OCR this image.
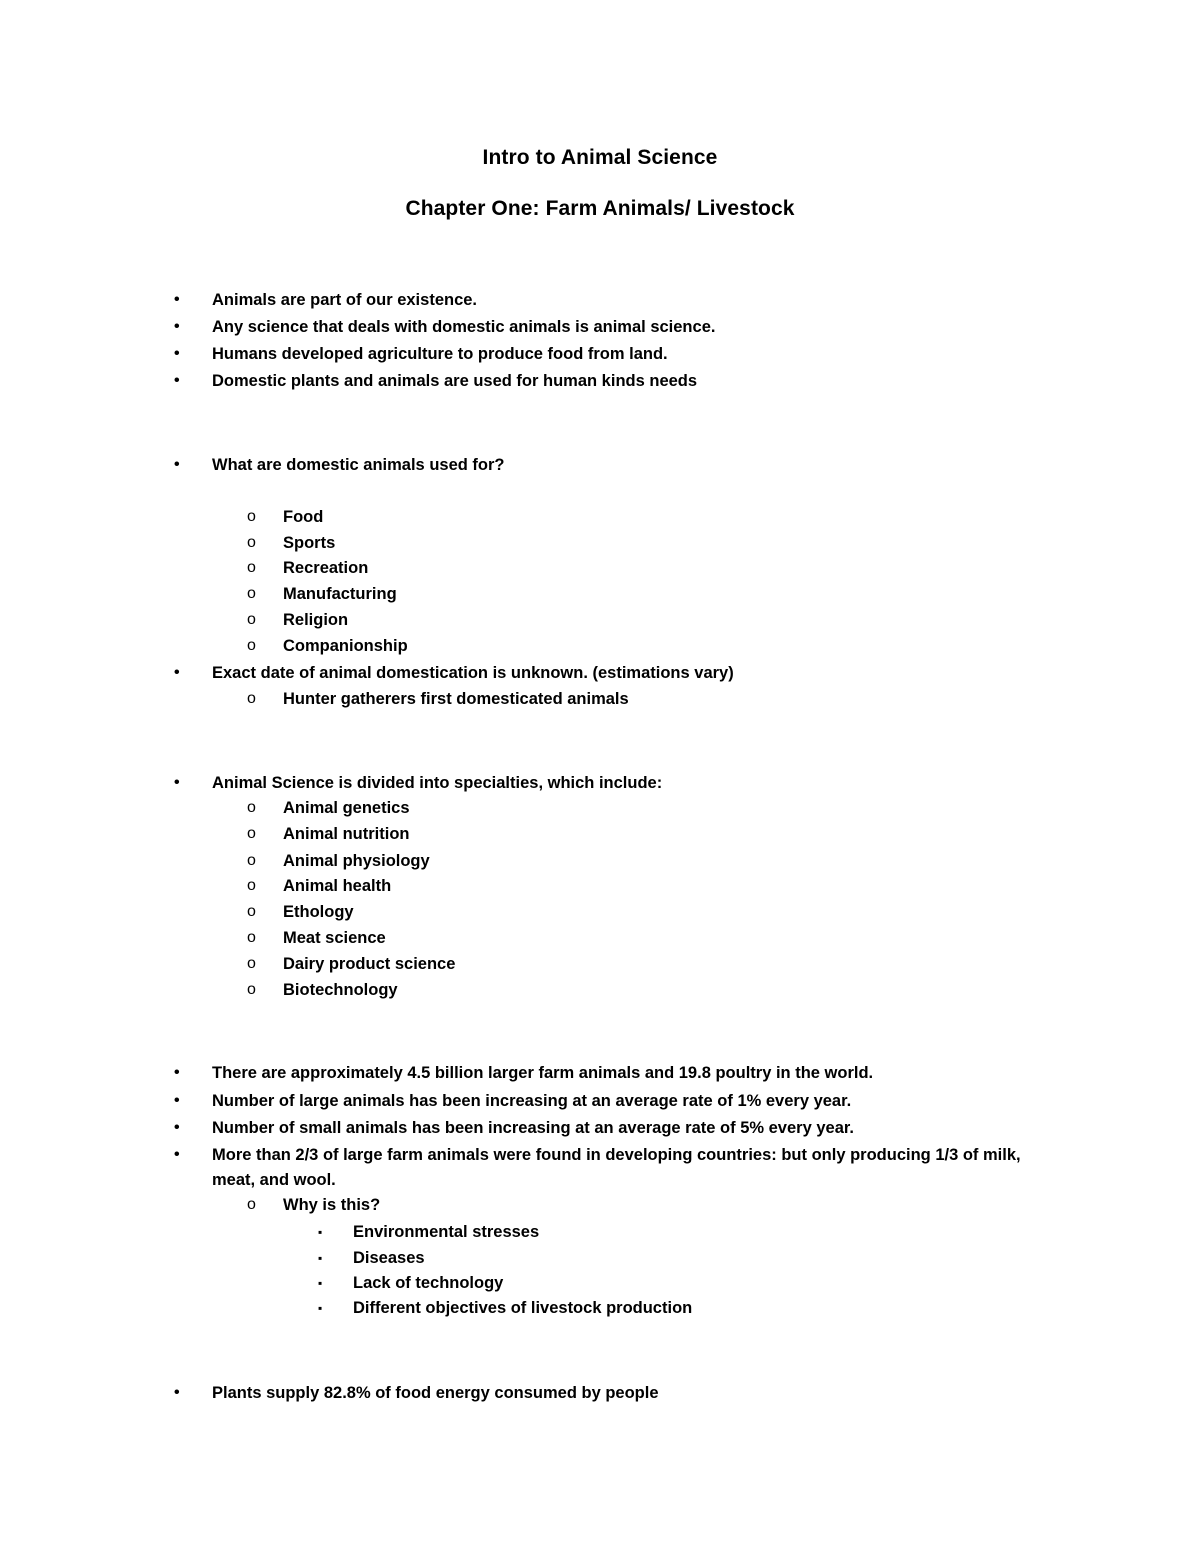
Intro to Animal Science
Chapter One: Farm Animals/ Livestock
• Animals are part of our existence.
• Any science that deals with domestic animals is animal science.
• Humans developed agriculture to produce food from land.
• Domestic plants and animals are used for human kinds needs
• What are domestic animals used for?
o Food
o Sports
o Recreation
o Manufacturing
o Religion
o Companionship
• Exact date of animal domestication is unknown. (estimations vary)
o Hunter gatherers first domesticated animals
• Animal Science is divided into specialties, which include:
o Animal genetics
o Animal nutrition
o Animal physiology
o Animal health
o Ethology
o Meat science
o Dairy product science
o Biotechnology
• There are approximately 4.5 billion larger farm animals and 19.8 poultry in the world.
• Number of large animals has been increasing at an average rate of 1% every year.
• Number of small animals has been increasing at an average rate of 5% every year.
• More than 2/3 of large farm animals were found in developing countries: but only producing 1/3 of milk,
meat, and wool.
o Why is this?
▪ Environmental stresses
▪ Diseases
▪ Lack of technology
▪ Different objectives of livestock production
• Plants supply 82.8% of food energy consumed by people
